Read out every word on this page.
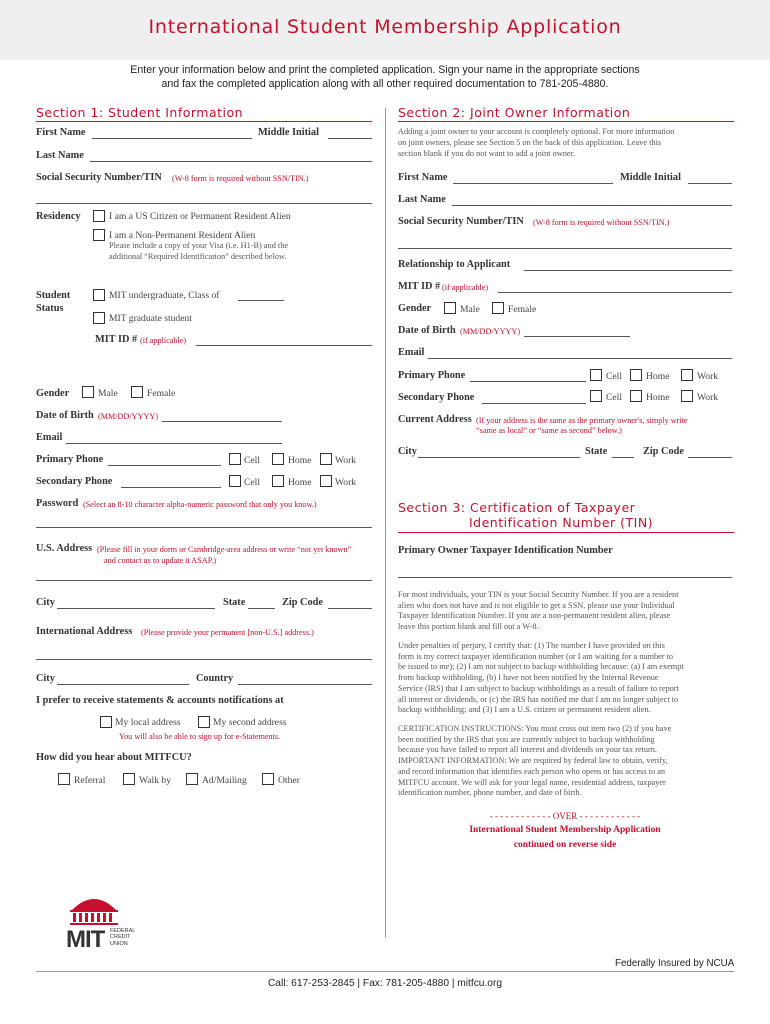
International Student Membership Application
Enter your information below and print the completed application. Sign your name in the appropriate sections
and fax the completed application along with all other required documentation to 781-205-4880.
Section 1: Student Information
First Name	Middle Initial
Last Name
Social Security Number/TIN (W-8 form is required without SSN/TIN.)
Residency	I am a US Citizen or Permanent Resident Alien
I am a Non-Permanent Resident Alien
Please include a copy of your Visa (i.e. H1-B) and the
additional “Required Identification” described below.
Student
Status
MIT undergraduate, Class of
MIT graduate student
MIT ID # (if applicable)
Gender	Male	Female
Date of Birth (MM/DD/YYYY)
Email
Primary Phone	Cell	Home Work
Secondary Phone	Cell	Home Work
Password (Select an 8-10 character alpha-numeric password that only you know.)
U.S. Address (Please fill in your dorm or Cambridge-area address or write “not yet known”
and contact us to update it ASAP.)
City	State	Zip Code
International Address (Please provide your permanent [non-U.S.] address.)
City	Country
I prefer to receive statements & accounts notifications at
My local address	My second address
You will also be able to sign up for e-Statements.
How did you hear about MITFCU?
Referral	Walk by	Ad/Mailing	Other
Section 2: Joint Owner Information
Adding a joint owner to your account is completely optional. For more information
on joint owners, please see Section 5 on the back of this application. Leave this
section blank if you do not want to add a joint owner.
First Name	Middle Initial
Last Name
Social Security Number/TIN (W-8 form is required without SSN/TIN.)
Relationship to Applicant
MIT ID # (if applicable)
Gender	Male	Female
Date of Birth (MM/DD/YYYY)
Email
Primary Phone	Cell	Home	Work
Secondary Phone	Cell	Home	Work
Current Address (If your address is the same as the primary owner's, simply write
“same as local” or “same as second” below.)
City	State	Zip Code
Section 3: Certification of Taxpayer
Identification Number (TIN)
Primary Owner Taxpayer Identification Number
For most individuals, your TIN is your Social Security Number. If you are a resident
alien who does not have and is not eligible to get a SSN, please use your Individual
Taxpayer Identification Number. If you are a non-permanent resident alien, please
leave this portion blank and fill out a W-8.
Under penalties of perjury, I certify that: (1) The number I have provided on this
form is my correct taxpayer identification number (or I am waiting for a number to
be issued to me); (2) I am not subject to backup withholding because: (a) I am exempt
from backup withholding, (b) I have not been notified by the Internal Revenue
Service (IRS) that I am subject to backup withholdings as a result of failure to report
all interest or dividends, or (c) the IRS has notified me that I am no longer subject to
backup withholding; and (3) I am a U.S. citizen or permanent resident alien.
CERTIFICATION INSTRUCTIONS: You must cross out item two (2) if you have
been notified by the IRS that you are currently subject to backup withholding
because you have failed to report all interest and dividends on your tax return.
IMPORTANT INFORMATION: We are required by federal law to obtain, verify,
and record information that identifies each person who opens or has access to an
MITFCU account. We will ask for your legal name, residential address, taxpayer
identification number, phone number, and date of birth.
- - - - - - - - - - - - OVER - - - - - - - - - - - -
International Student Membership Application
continued on reverse side
MIT FEDERAL
CREDIT
UNION
Federally Insured by NCUA
Call: 617-253-2845 | Fax: 781-205-4880 | mitfcu.org
